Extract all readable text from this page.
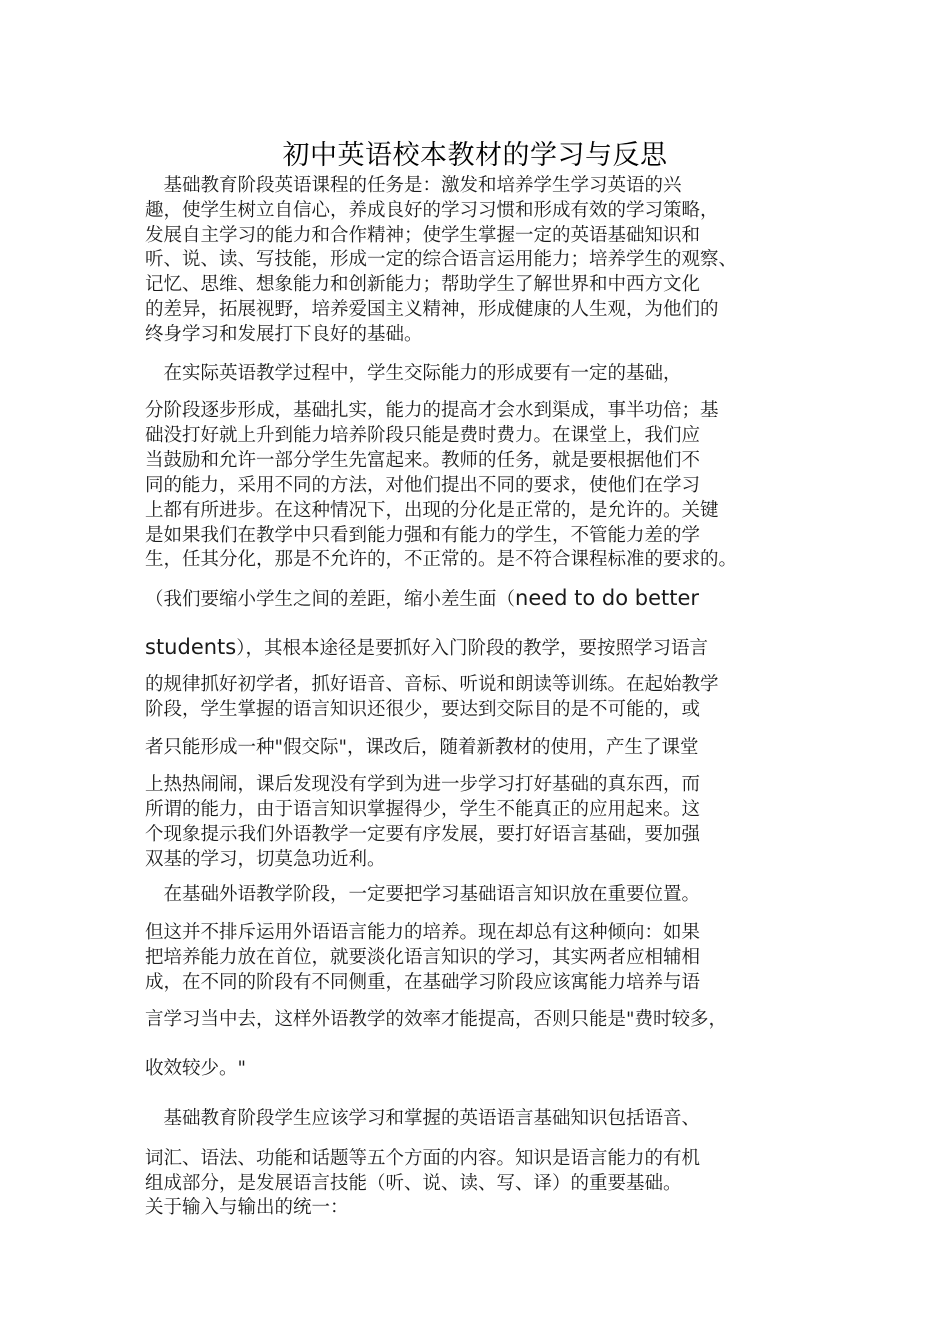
初中英语校本教材的学习与反思
　基础教育阶段英语课程的任务是：激发和培养学生学习英语的兴
趣，使学生树立自信心，养成良好的学习习惯和形成有效的学习策略，
发展自主学习的能力和合作精神；使学生掌握一定的英语基础知识和
听、说、读、写技能，形成一定的综合语言运用能力；培养学生的观察、
记忆、思维、想象能力和创新能力；帮助学生了解世界和中西方文化
的差异，拓展视野，培养爱国主义精神，形成健康的人生观，为他们的
终身学习和发展打下良好的基础。
　在实际英语教学过程中，学生交际能力的形成要有一定的基础，
分阶段逐步形成，基础扎实，能力的提高才会水到渠成，事半功倍；基
础没打好就上升到能力培养阶段只能是费时费力。在课堂上，我们应
当鼓励和允许一部分学生先富起来。教师的任务，就是要根据他们不
同的能力，采用不同的方法，对他们提出不同的要求，使他们在学习
上都有所进步。在这种情况下，出现的分化是正常的，是允许的。关键
是如果我们在教学中只看到能力强和有能力的学生，不管能力差的学
生，任其分化，那是不允许的，不正常的。是不符合课程标准的要求的。
（我们要缩小学生之间的差距，缩小差生面（need to do better
students），其根本途径是要抓好入门阶段的教学，要按照学习语言
的规律抓好初学者，抓好语音、音标、听说和朗读等训练。在起始教学
阶段，学生掌握的语言知识还很少，要达到交际目的是不可能的，或
者只能形成一种"假交际"，课改后，随着新教材的使用，产生了课堂
上热热闹闹，课后发现没有学到为进一步学习打好基础的真东西，而
所谓的能力，由于语言知识掌握得少，学生不能真正的应用起来。这
个现象提示我们外语教学一定要有序发展，要打好语言基础，要加强
双基的学习，切莫急功近利。
　在基础外语教学阶段，一定要把学习基础语言知识放在重要位置。
但这并不排斥运用外语语言能力的培养。现在却总有这种倾向：如果
把培养能力放在首位，就要淡化语言知识的学习，其实两者应相辅相
成，在不同的阶段有不同侧重，在基础学习阶段应该寓能力培养与语
言学习当中去，这样外语教学的效率才能提高，否则只能是"费时较多，
收效较少。"
　基础教育阶段学生应该学习和掌握的英语语言基础知识包括语音、
词汇、语法、功能和话题等五个方面的内容。知识是语言能力的有机
组成部分，是发展语言技能（听、说、读、写、译）的重要基础。
关于输入与输出的统一：
